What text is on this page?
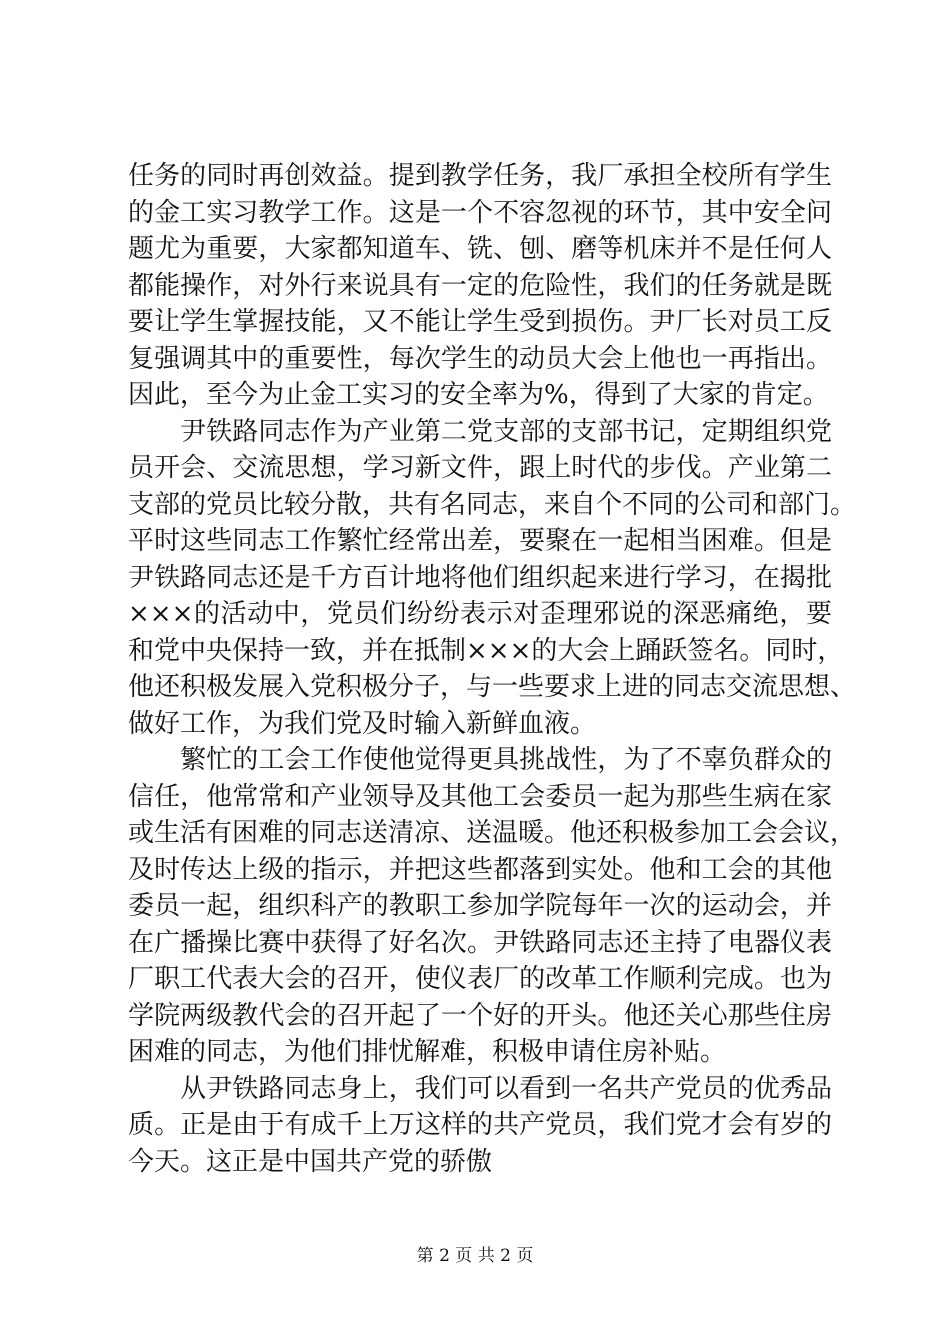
任务的同时再创效益。提到教学任务，我厂承担全校所有学生
的金工实习教学工作。这是一个不容忽视的环节，其中安全问
题尤为重要，大家都知道车、铣、刨、磨等机床并不是任何人
都能操作，对外行来说具有一定的危险性，我们的任务就是既
要让学生掌握技能，又不能让学生受到损伤。尹厂长对员工反
复强调其中的重要性，每次学生的动员大会上他也一再指出。
因此，至今为止金工实习的安全率为%，得到了大家的肯定。
　　尹铁路同志作为产业第二党支部的支部书记，定期组织党
员开会、交流思想，学习新文件，跟上时代的步伐。产业第二
支部的党员比较分散，共有名同志，来自个不同的公司和部门。
平时这些同志工作繁忙经常出差，要聚在一起相当困难。但是
尹铁路同志还是千方百计地将他们组织起来进行学习，在揭批
×××的活动中，党员们纷纷表示对歪理邪说的深恶痛绝，要
和党中央保持一致，并在抵制×××的大会上踊跃签名。同时，
他还积极发展入党积极分子，与一些要求上进的同志交流思想、
做好工作，为我们党及时输入新鲜血液。
　　繁忙的工会工作使他觉得更具挑战性，为了不辜负群众的
信任，他常常和产业领导及其他工会委员一起为那些生病在家
或生活有困难的同志送清凉、送温暖。他还积极参加工会会议，
及时传达上级的指示，并把这些都落到实处。他和工会的其他
委员一起，组织科产的教职工参加学院每年一次的运动会，并
在广播操比赛中获得了好名次。尹铁路同志还主持了电器仪表
厂职工代表大会的召开，使仪表厂的改革工作顺利完成。也为
学院两级教代会的召开起了一个好的开头。他还关心那些住房
困难的同志，为他们排忧解难，积极申请住房补贴。
　　从尹铁路同志身上，我们可以看到一名共产党员的优秀品
质。正是由于有成千上万这样的共产党员，我们党才会有岁的
今天。这正是中国共产党的骄傲
第 2 页 共 2 页
